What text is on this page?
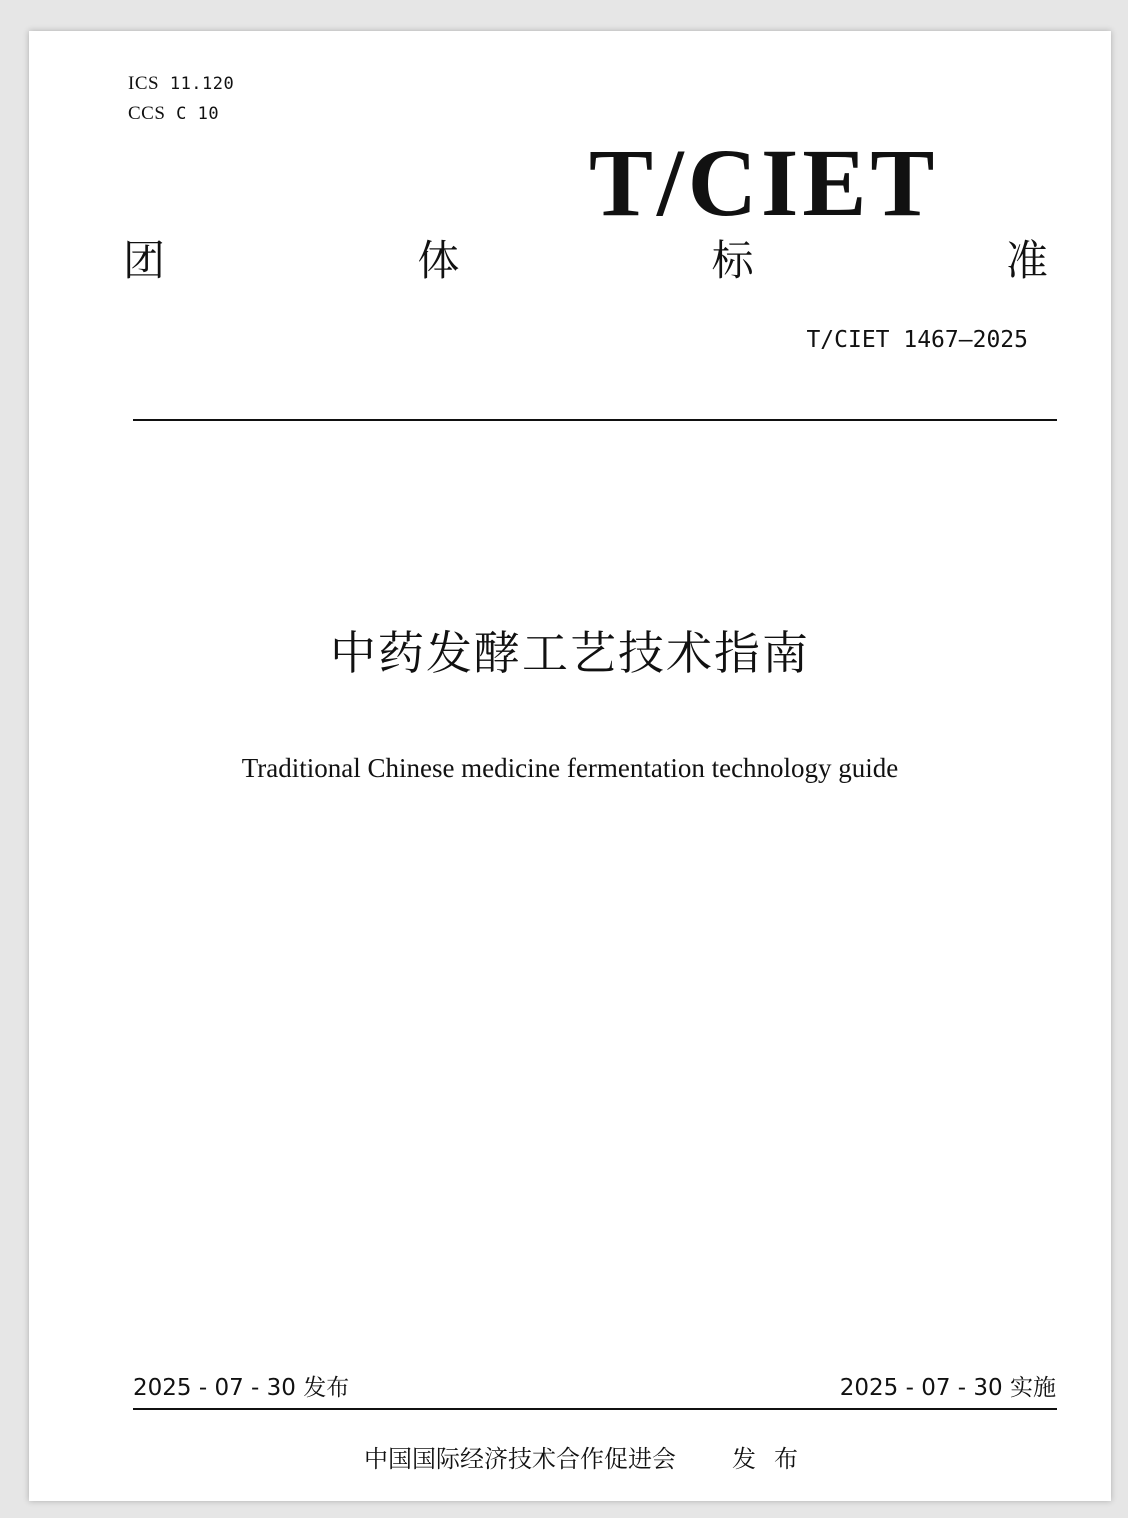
ICS 11.120
CCS C 10
T/CIET
团	体	标	准
T/CIET 1467—2025
中药发酵工艺技术指南
Traditional Chinese medicine fermentation technology guide
2025 - 07 - 30 发布	2025 - 07 - 30 实施
中国国际经济技术合作促进会 发布
